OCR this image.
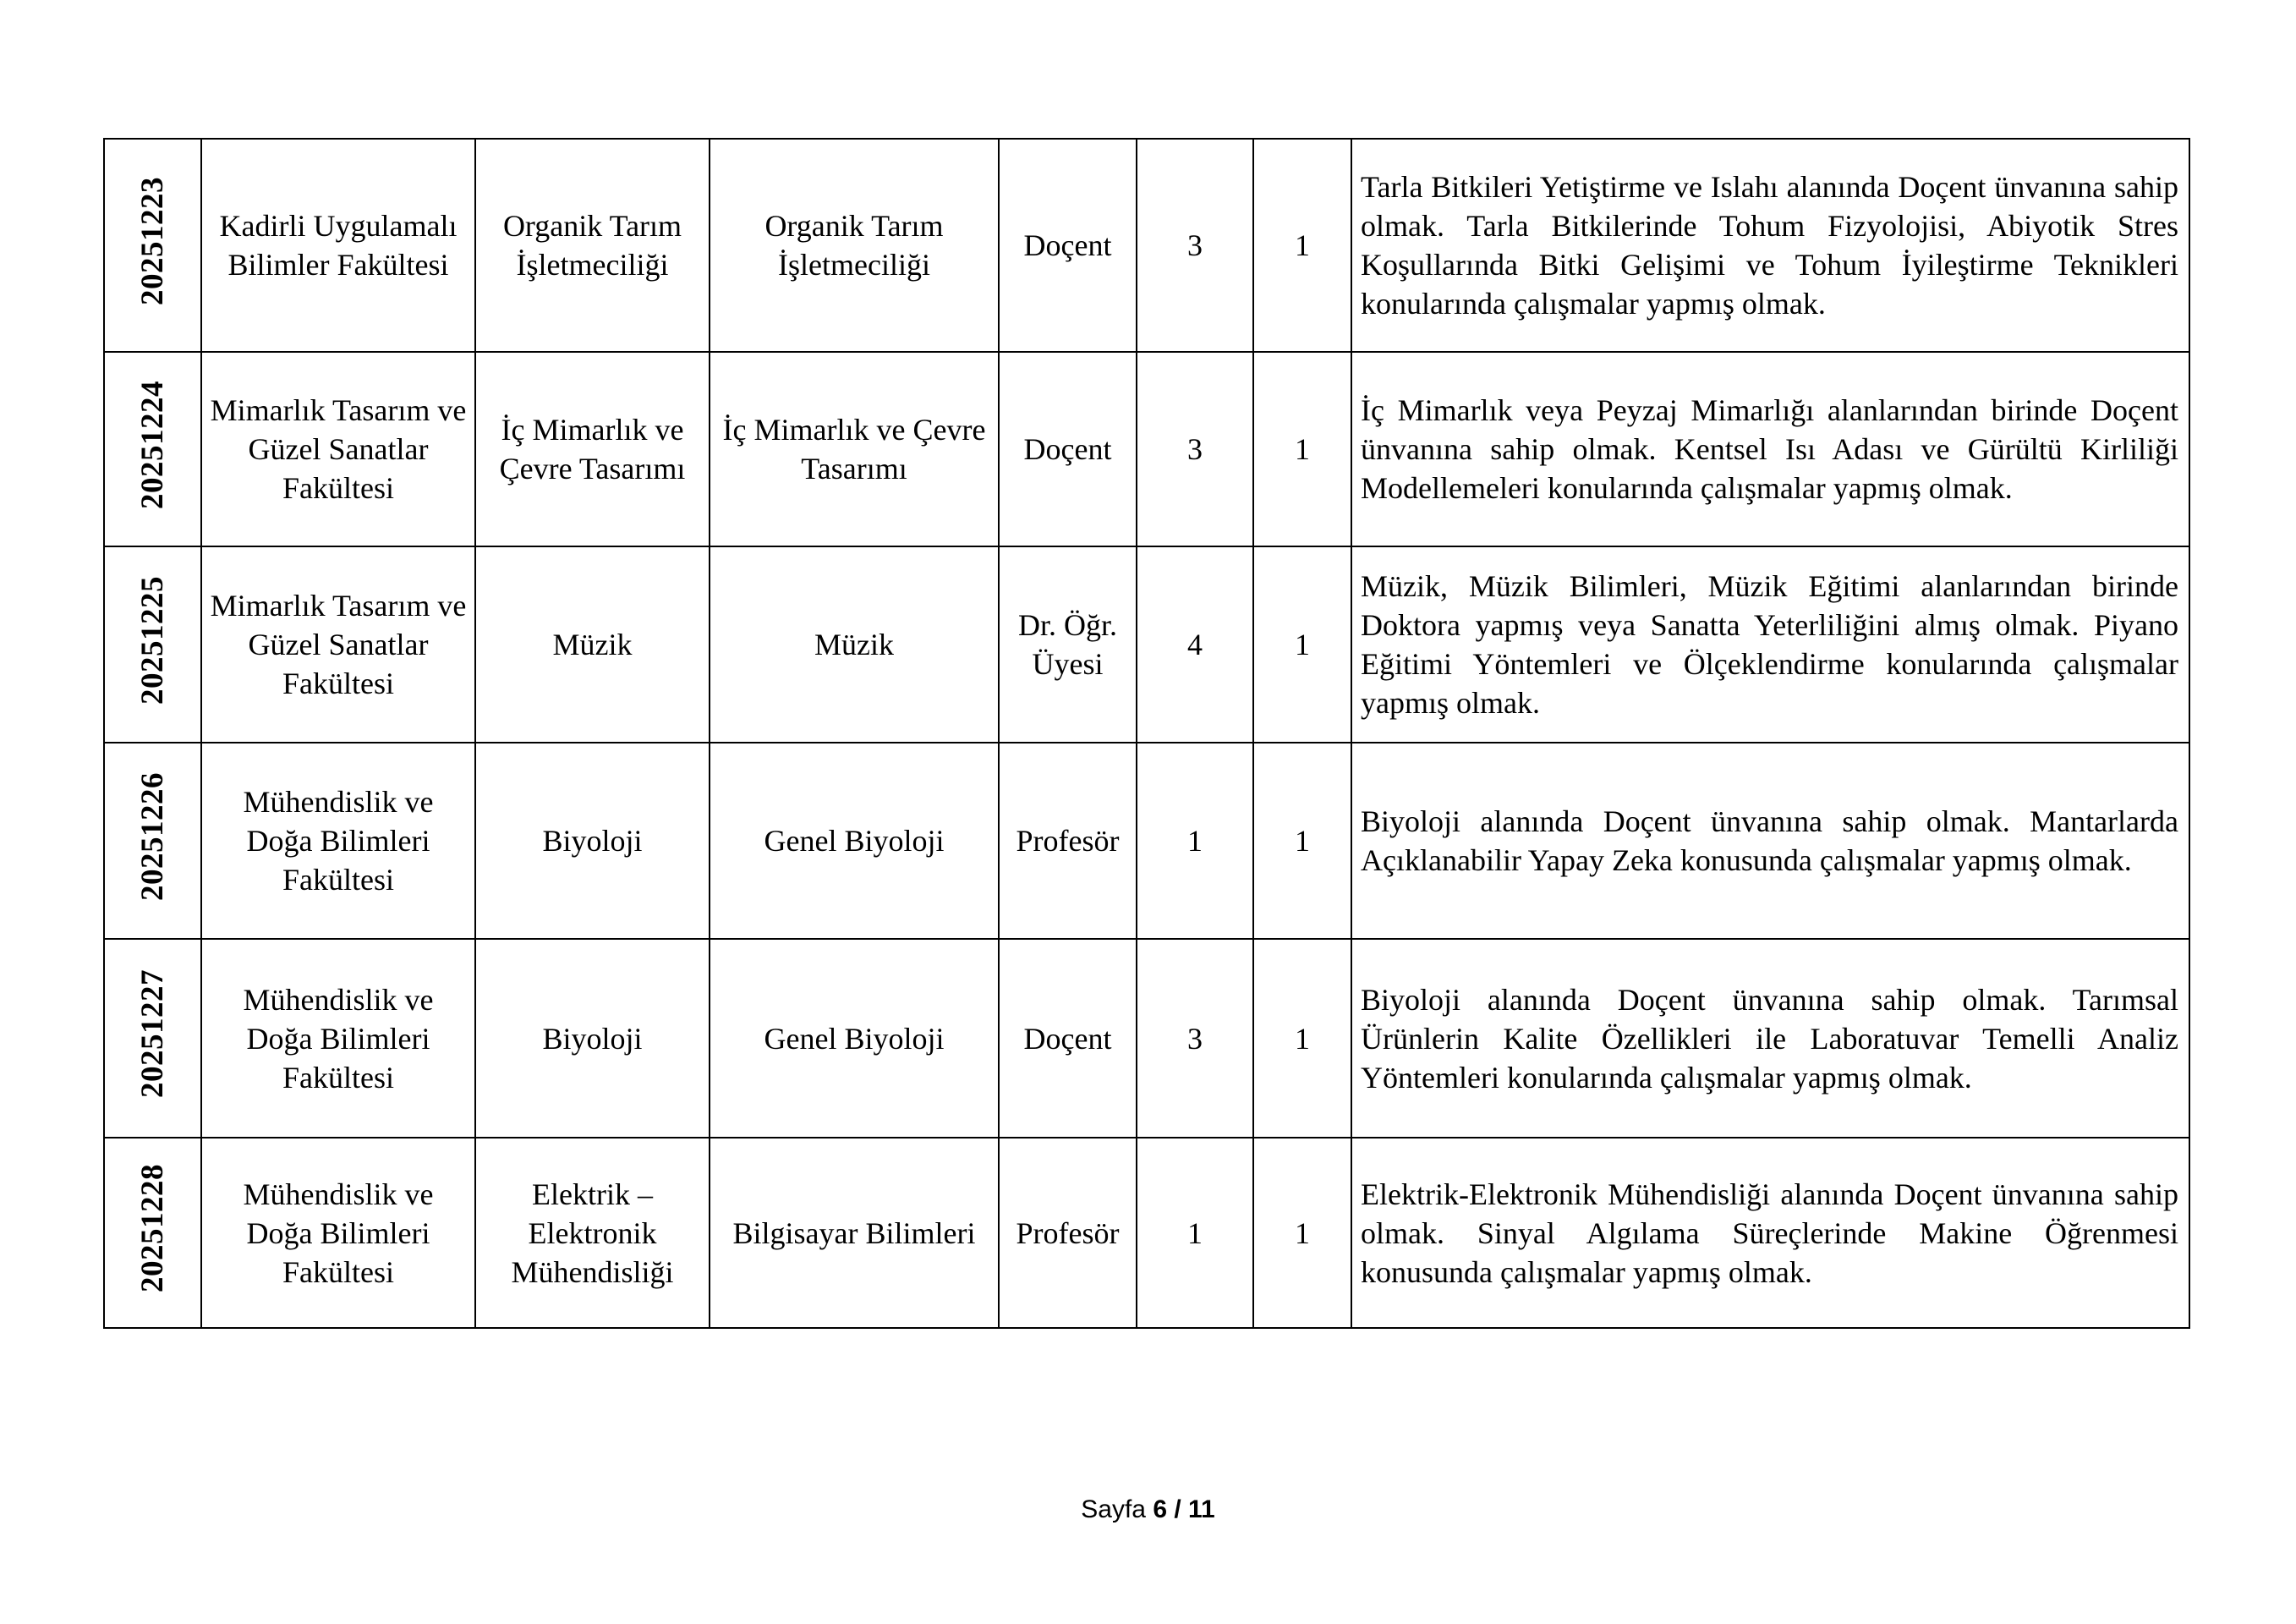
20251223	Kadirli Uygulamalı Bilimler Fakültesi	Organik Tarım İşletmeciliği	Organik Tarım İşletmeciliği	Doçent	3	1	Tarla Bitkileri Yetiştirme ve Islahı alanında Doçent ünvanına sahip olmak. Tarla Bitkilerinde Tohum Fizyolojisi, Abiyotik Stres Koşullarında Bitki Gelişimi ve Tohum İyileştirme Teknikleri konularında çalışmalar yapmış olmak.
20251224	Mimarlık Tasarım ve Güzel Sanatlar Fakültesi	İç Mimarlık ve Çevre Tasarımı	İç Mimarlık ve Çevre Tasarımı	Doçent	3	1	İç Mimarlık veya Peyzaj Mimarlığı alanlarından birinde Doçent ünvanına sahip olmak. Kentsel Isı Adası ve Gürültü Kirliliği Modellemeleri konularında çalışmalar yapmış olmak.
20251225	Mimarlık Tasarım ve Güzel Sanatlar Fakültesi	Müzik	Müzik	Dr. Öğr. Üyesi	4	1	Müzik, Müzik Bilimleri, Müzik Eğitimi alanlarından birinde Doktora yapmış veya Sanatta Yeterliliğini almış olmak. Piyano Eğitimi Yöntemleri ve Ölçeklendirme konularında çalışmalar yapmış olmak.
20251226	Mühendislik ve Doğa Bilimleri Fakültesi	Biyoloji	Genel Biyoloji	Profesör	1	1	Biyoloji alanında Doçent ünvanına sahip olmak. Mantarlarda Açıklanabilir Yapay Zeka konusunda çalışmalar yapmış olmak.
20251227	Mühendislik ve Doğa Bilimleri Fakültesi	Biyoloji	Genel Biyoloji	Doçent	3	1	Biyoloji alanında Doçent ünvanına sahip olmak. Tarımsal Ürünlerin Kalite Özellikleri ile Laboratuvar Temelli Analiz Yöntemleri konularında çalışmalar yapmış olmak.
20251228	Mühendislik ve Doğa Bilimleri Fakültesi	Elektrik – Elektronik Mühendisliği	Bilgisayar Bilimleri	Profesör	1	1	Elektrik-Elektronik Mühendisliği alanında Doçent ünvanına sahip olmak. Sinyal Algılama Süreçlerinde Makine Öğrenmesi konusunda çalışmalar yapmış olmak.
Sayfa 6 / 11
